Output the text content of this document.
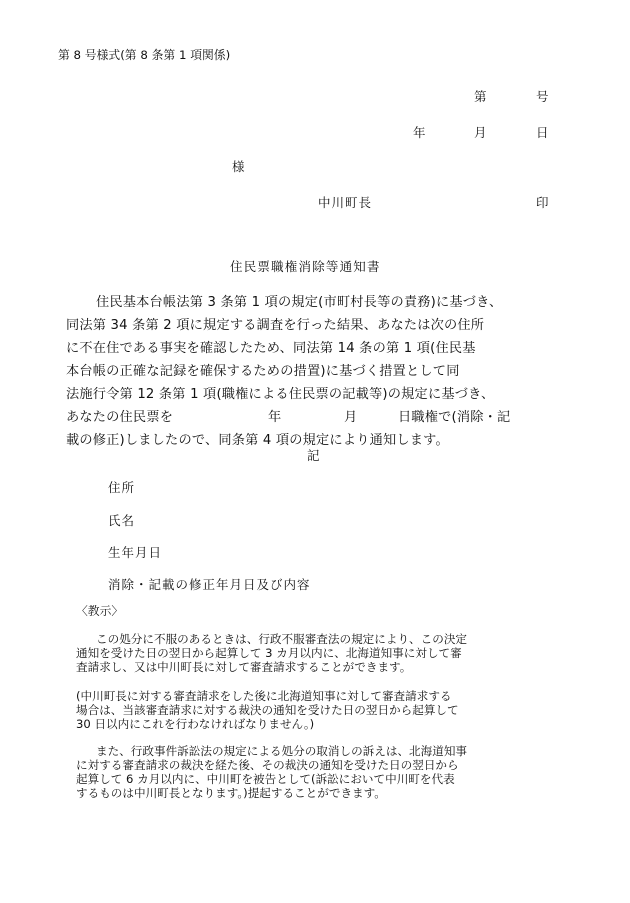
第 8 号様式(第 8 条第 1 項関係)
第	号
年	月	日
様
中川町長	印
住民票職権消除等通知書
住民基本台帳法第 3 条第 1 項の規定(市町村長等の責務)に基づき、
同法第 34 条第 2 項に規定する調査を行った結果、あなたは次の住所
に不在住である事実を確認したため、同法第 14 条の第 1 項(住民基
本台帳の正確な記録を確保するための措置)に基づく措置として同
法施行令第 12 条第 1 項(職権による住民票の記載等)の規定に基づき、
あなたの住民票を	年	月	日職権で(消除・記
載の修正)しましたので、同条第 4 項の規定により通知します。
記
住所
氏名
生年月日
消除・記載の修正年月日及び内容
〈教示〉
この処分に不服のあるときは、行政不服審査法の規定により、この決定
通知を受けた日の翌日から起算して 3 カ月以内に、北海道知事に対して審
査請求し、又は中川町長に対して審査請求することができます。
(中川町長に対する審査請求をした後に北海道知事に対して審査請求する
場合は、当該審査請求に対する裁決の通知を受けた日の翌日から起算して
30 日以内にこれを行わなければなりません。)
また、行政事件訴訟法の規定による処分の取消しの訴えは、北海道知事
に対する審査請求の裁決を経た後、その裁決の通知を受けた日の翌日から
起算して 6 カ月以内に、中川町を被告として(訴訟において中川町を代表
するものは中川町長となります。)提起することができます。
